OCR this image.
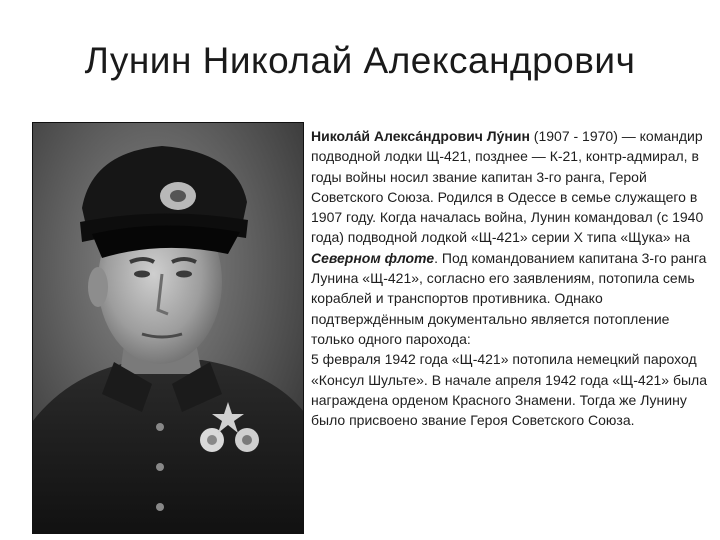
Лунин Николай Александрович

Никола́й Алекса́ндрович Лу́нин (1907 - 1970) — командир подводной лодки Щ-421, позднее — К-21, контр-адмирал, в годы войны носил звание капитан 3-го ранга, Герой Советского Союза. Родился в Одессе в семье служащего в 1907 году. Когда началась война, Лунин командовал (с 1940 года) подводной лодкой «Щ-421» серии X типа «Щука» на Северном флоте. Под командованием капитана 3-го ранга Лунина «Щ-421», согласно его заявлениям, потопила семь кораблей и транспортов противника. Однако подтверждённым документально является потопление только одного парохода:

5 февраля 1942 года «Щ-421» потопила немецкий пароход «Консул Шульте». В начале апреля 1942 года «Щ-421» была награждена орденом Красного Знамени. Тогда же Лунину было присвоено звание Героя Советского Союза.
